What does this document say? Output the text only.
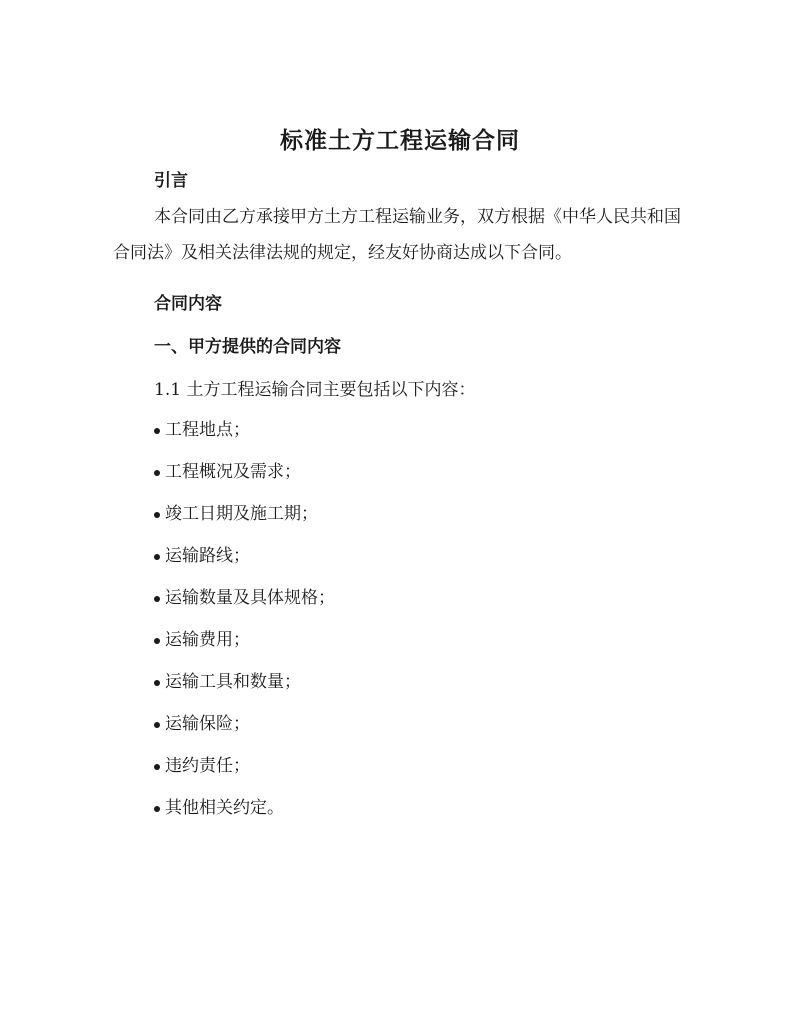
标准土方工程运输合同
引言
本合同由乙方承接甲方土方工程运输业务，双方根据《中华人民共和国合同法》及相关法律法规的规定，经友好协商达成以下合同。
合同内容
一、甲方提供的合同内容
1.1 土方工程运输合同主要包括以下内容：
工程地点；
工程概况及需求；
竣工日期及施工期；
运输路线；
运输数量及具体规格；
运输费用；
运输工具和数量；
运输保险；
违约责任；
其他相关约定。
